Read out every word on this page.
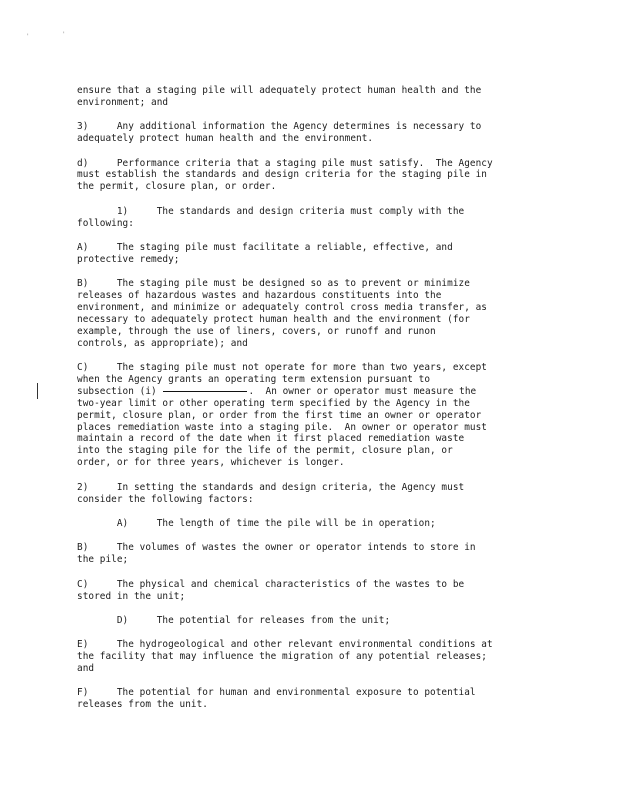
'	'
ensure that a staging pile will adequately protect human health and the
environment; and
3)     Any additional information the Agency determines is necessary to
adequately protect human health and the environment.
d)     Performance criteria that a staging pile must satisfy.  The Agency
must establish the standards and design criteria for the staging pile in
the permit, closure plan, or order.
1)     The standards and design criteria must comply with the
following:
A)     The staging pile must facilitate a reliable, effective, and
protective remedy;
B)     The staging pile must be designed so as to prevent or minimize
releases of hazardous wastes and hazardous constituents into the
environment, and minimize or adequately control cross media transfer, as
necessary to adequately protect human health and the environment (for
example, through the use of liners, covers, or runoff and runon
controls, as appropriate); and
C)     The staging pile must not operate for more than two years, except
when the Agency grants an operating term extension pursuant to
subsection (i)	.  An owner or operator must measure the
two-year limit or other operating term specified by the Agency in the
permit, closure plan, or order from the first time an owner or operator
places remediation waste into a staging pile.  An owner or operator must
maintain a record of the date when it first placed remediation waste
into the staging pile for the life of the permit, closure plan, or
order, or for three years, whichever is longer.
2)     In setting the standards and design criteria, the Agency must
consider the following factors:
A)     The length of time the pile will be in operation;
B)     The volumes of wastes the owner or operator intends to store in
the pile;
C)     The physical and chemical characteristics of the wastes to be
stored in the unit;
D)     The potential for releases from the unit;
E)     The hydrogeological and other relevant environmental conditions at
the facility that may influence the migration of any potential releases;
and
F)     The potential for human and environmental exposure to potential
releases from the unit.
